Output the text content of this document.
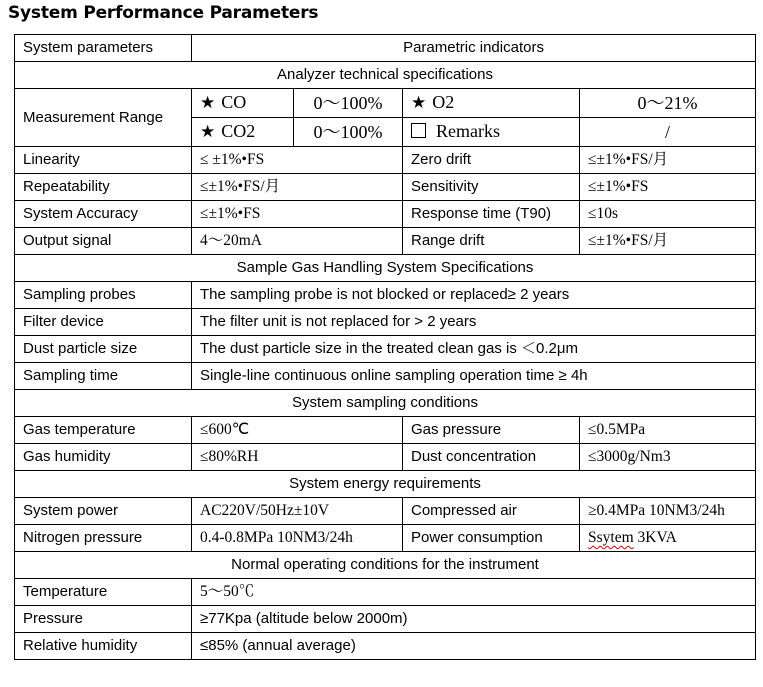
System Performance Parameters
System parameters	Parametric indicators			
Analyzer technical specifications				
Measurement Range	★ CO	0～100%	★ O2	0～21%
	★ CO2	0～100%	Remarks	/
Linearity	≤ ±1%•FS		Zero drift	≤±1%•FS/月
Repeatability	≤±1%•FS/月		Sensitivity	≤±1%•FS
System Accuracy	≤±1%•FS		Response time (T90)	≤10s
Output signal	4～20mA		Range drift	≤±1%•FS/月
Sample Gas Handling System Specifications				
Sampling probes	The sampling probe is not blocked or replaced≥ 2 years			
Filter device	The filter unit is not replaced for > 2 years			
Dust particle size	The dust particle size in the treated clean gas is ＜0.2μm			
Sampling time	Single-line continuous online sampling operation time ≥ 4h			
System sampling conditions				
Gas temperature	≤600℃		Gas pressure	≤0.5MPa
Gas humidity	≤80%RH		Dust concentration	≤3000g/Nm3
System energy requirements				
System power	AC220V/50Hz±10V		Compressed air	≥0.4MPa 10NM3/24h
Nitrogen pressure	0.4-0.8MPa 10NM3/24h		Power consumption	Ssytem 3KVA
Normal operating conditions for the instrument				
Temperature	5～50℃			
Pressure	≥77Kpa (altitude below 2000m)			
Relative humidity	≤85% (annual average)			
